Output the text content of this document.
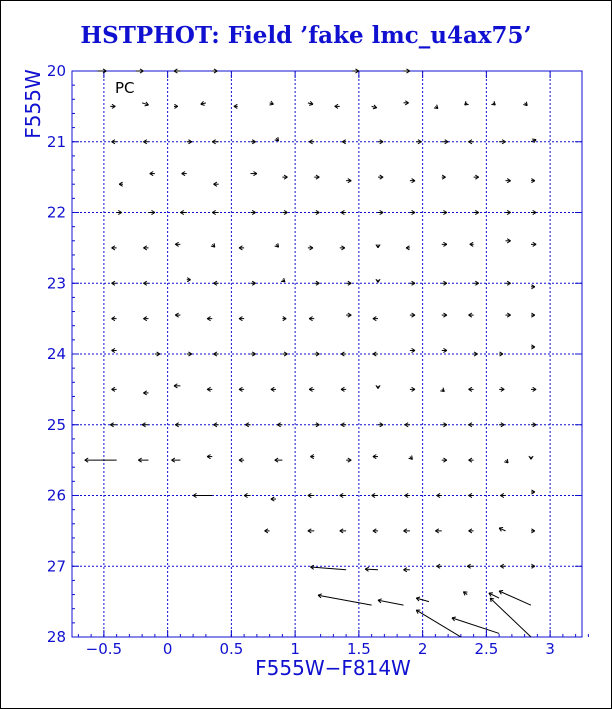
HSTPHOT: Field ’fake lmc_u4ax75’
−0.5	0	0.5	1	1.5	2	2.5	3
20
21
22
23
24
25
26
27
28
PC
F555W−F814W
F555W
